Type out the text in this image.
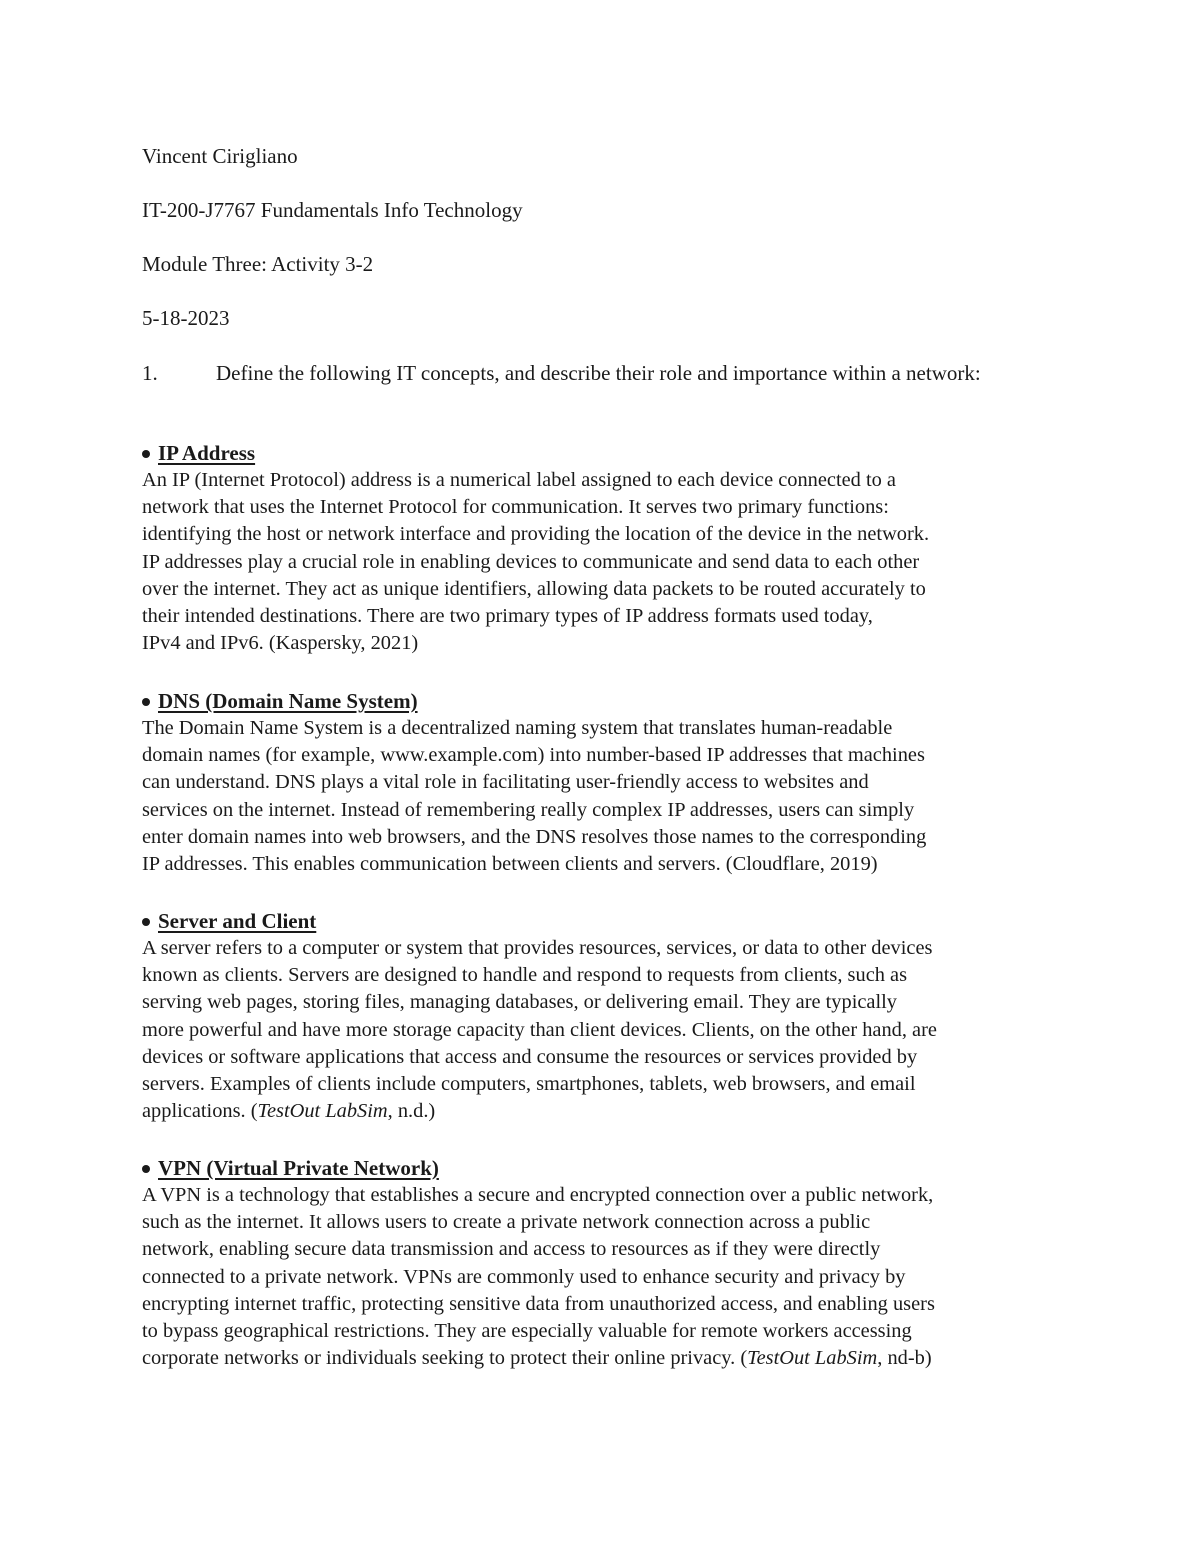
Vincent Cirigliano
IT-200-J7767 Fundamentals Info Technology
Module Three: Activity 3-2
5-18-2023
1.	Define the following IT concepts, and describe their role and importance within a network:
IP Address

An IP (Internet Protocol) address is a numerical label assigned to each device connected to a
network that uses the Internet Protocol for communication. It serves two primary functions:
identifying the host or network interface and providing the location of the device in the network.
IP addresses play a crucial role in enabling devices to communicate and send data to each other
over the internet. They act as unique identifiers, allowing data packets to be routed accurately to
their intended destinations. There are two primary types of IP address formats used today,
IPv4 and IPv6. (Kaspersky, 2021)

DNS (Domain Name System)

The Domain Name System is a decentralized naming system that translates human-readable
domain names (for example, www.example.com) into number-based IP addresses that machines
can understand. DNS plays a vital role in facilitating user-friendly access to websites and
services on the internet. Instead of remembering really complex IP addresses, users can simply
enter domain names into web browsers, and the DNS resolves those names to the corresponding
IP addresses. This enables communication between clients and servers. (Cloudflare, 2019)

Server and Client

A server refers to a computer or system that provides resources, services, or data to other devices
known as clients. Servers are designed to handle and respond to requests from clients, such as
serving web pages, storing files, managing databases, or delivering email. They are typically
more powerful and have more storage capacity than client devices. Clients, on the other hand, are
devices or software applications that access and consume the resources or services provided by
servers. Examples of clients include computers, smartphones, tablets, web browsers, and email
applications. (TestOut LabSim, n.d.)

VPN (Virtual Private Network)

A VPN is a technology that establishes a secure and encrypted connection over a public network,
such as the internet. It allows users to create a private network connection across a public
network, enabling secure data transmission and access to resources as if they were directly
connected to a private network. VPNs are commonly used to enhance security and privacy by
encrypting internet traffic, protecting sensitive data from unauthorized access, and enabling users
to bypass geographical restrictions. They are especially valuable for remote workers accessing
corporate networks or individuals seeking to protect their online privacy. (TestOut LabSim, nd-b)
